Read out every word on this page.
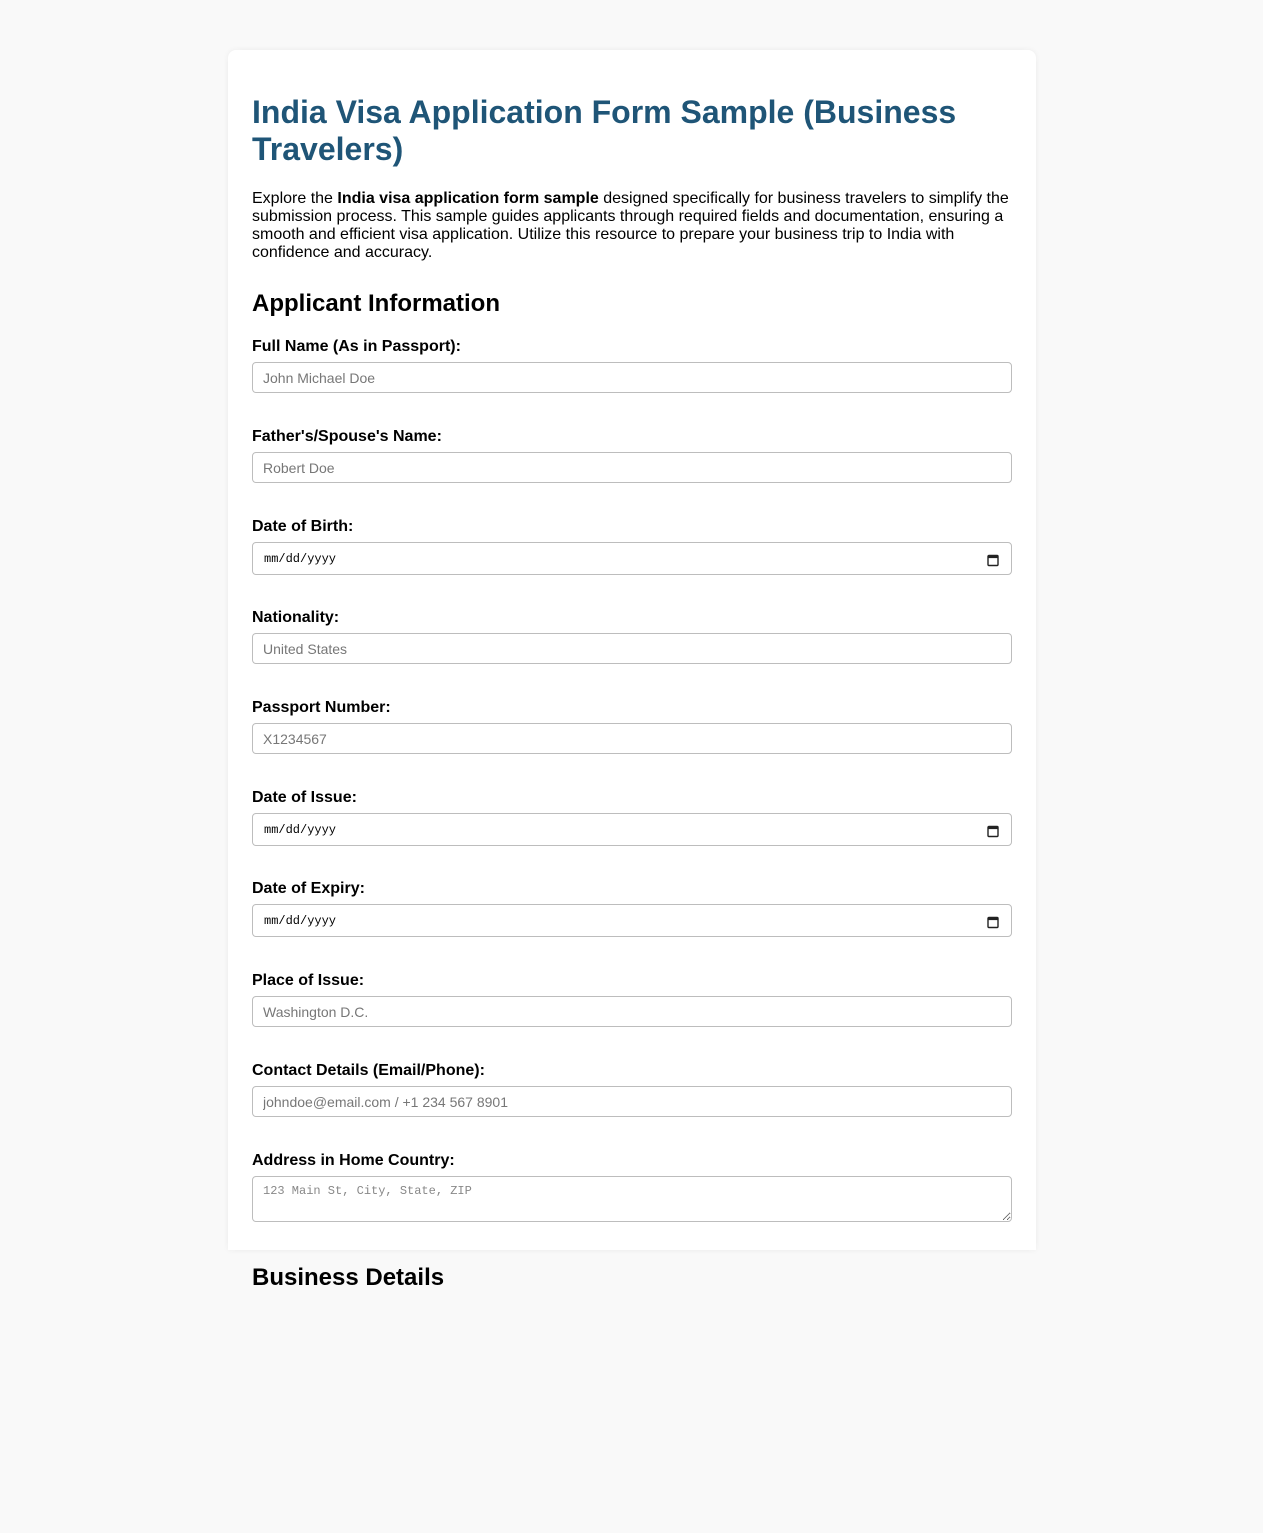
India Visa Application Form Sample (Business Travelers)

Explore the India visa application form sample designed specifically for business travelers to simplify the submission process. This sample guides applicants through required fields and documentation, ensuring a smooth and efficient visa application. Utilize this resource to prepare your business trip to India with confidence and accuracy.

Applicant Information
Full Name (As in Passport):
John Michael Doe
Father's/Spouse's Name:
Robert Doe
Date of Birth:
mm/dd/yyyy
Nationality:
United States
Passport Number:
X1234567
Date of Issue:
mm/dd/yyyy
Date of Expiry:
mm/dd/yyyy
Place of Issue:
Washington D.C.
Contact Details (Email/Phone):
johndoe@email.com / +1 234 567 8901
Address in Home Country:
123 Main St, City, State, ZIP
Business Details
